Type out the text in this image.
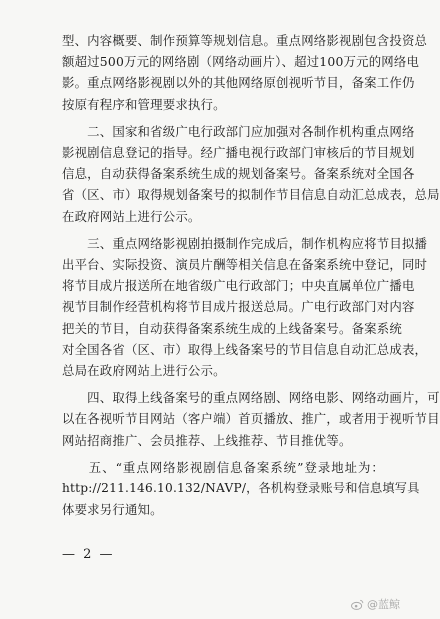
型、内容概要、制作预算等规划信息。重点网络影视剧包含投资总
额超过500万元的网络剧（网络动画片）、超过100万元的网络电
影。重点网络影视剧以外的其他网络原创视听节目，备案工作仍
按原有程序和管理要求执行。
　　二、国家和省级广电行政部门应加强对各制作机构重点网络
影视剧信息登记的指导。经广播电视行政部门审核后的节目规划
信息，自动获得备案系统生成的规划备案号。备案系统对全国各
省（区、市）取得规划备案号的拟制作节目信息自动汇总成表，总局
在政府网站上进行公示。
　　三、重点网络影视剧拍摄制作完成后，制作机构应将节目拟播
出平台、实际投资、演员片酬等相关信息在备案系统中登记，同时
将节目成片报送所在地省级广电行政部门；中央直属单位广播电
视节目制作经营机构将节目成片报送总局。广电行政部门对内容
把关的节目，自动获得备案系统生成的上线备案号。备案系统
对全国各省（区、市）取得上线备案号的节目信息自动汇总成表，
总局在政府网站上进行公示。
　　四、取得上线备案号的重点网络剧、网络电影、网络动画片，可
以在各视听节目网站（客户端）首页播放、推广，或者用于视听节目
网站招商推广、会员推荐、上线推荐、节目推优等。
　　五、“重点网络影视剧信息备案系统”登录地址为：
http://211.146.10.132/NAVP/，各机构登录账号和信息填写具
体要求另行通知。
— 2 —
@蓝鲸
